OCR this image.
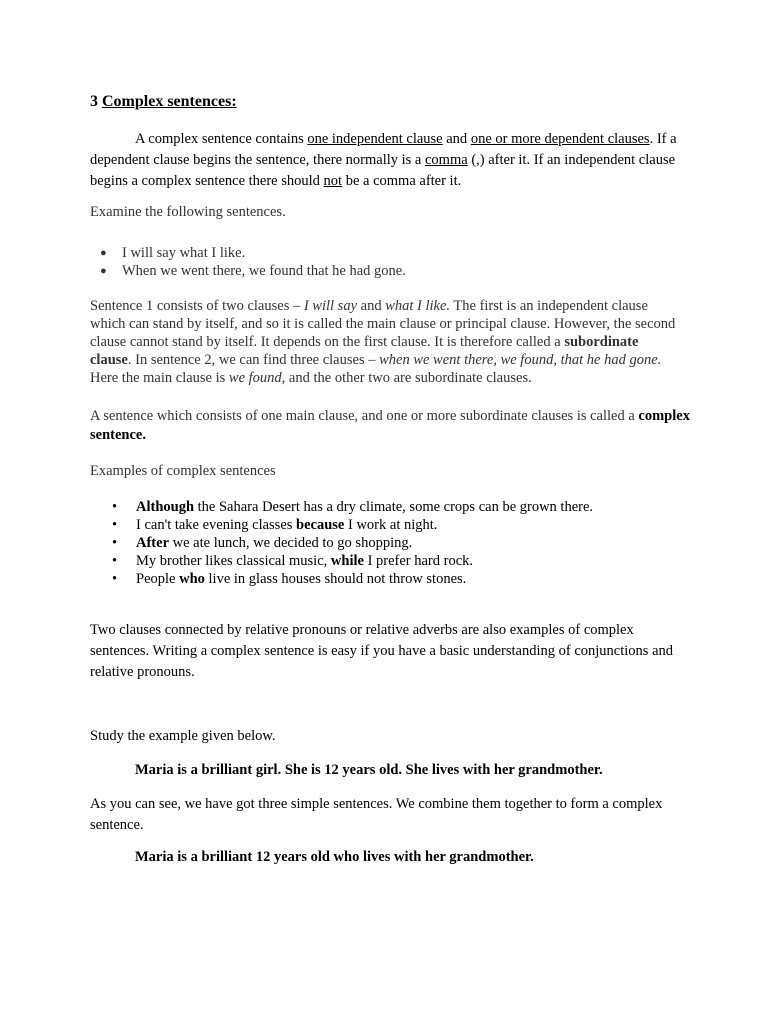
3 Complex sentences:
A complex sentence contains one independent clause and one or more dependent clauses. If a dependent clause begins the sentence, there normally is a comma (,) after it. If an independent clause begins a complex sentence there should not be a comma after it.
Examine the following sentences.
● I will say what I like.
● When we went there, we found that he had gone.
Sentence 1 consists of two clauses – I will say and what I like. The first is an independent clause which can stand by itself, and so it is called the main clause or principal clause. However, the second clause cannot stand by itself. It depends on the first clause. It is therefore called a subordinate clause. In sentence 2, we can find three clauses – when we went there, we found, that he had gone. Here the main clause is we found, and the other two are subordinate clauses.
A sentence which consists of one main clause, and one or more subordinate clauses is called a complex sentence.
Examples of complex sentences
• Although the Sahara Desert has a dry climate, some crops can be grown there.
• I can't take evening classes because I work at night.
• After we ate lunch, we decided to go shopping.
• My brother likes classical music, while I prefer hard rock.
• People who live in glass houses should not throw stones.
Two clauses connected by relative pronouns or relative adverbs are also examples of complex sentences. Writing a complex sentence is easy if you have a basic understanding of conjunctions and relative pronouns.
Study the example given below.
Maria is a brilliant girl. She is 12 years old. She lives with her grandmother.
As you can see, we have got three simple sentences. We combine them together to form a complex sentence.
Maria is a brilliant 12 years old who lives with her grandmother.
